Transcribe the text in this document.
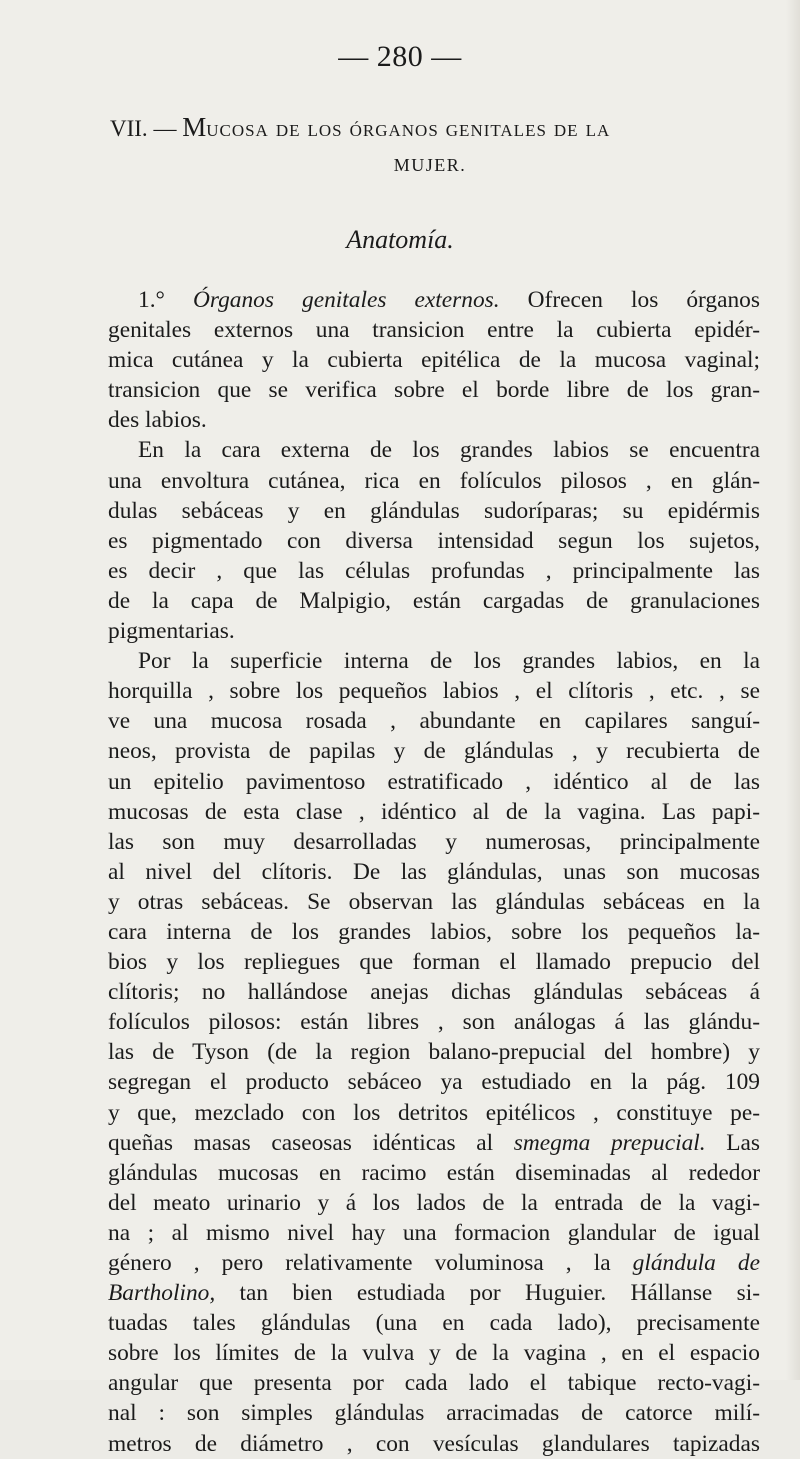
— 280 —
VII. — Mucosa de los órganos genitales de la
MUJER.
Anatomía.
1.° Órganos genitales externos. Ofrecen los órganos
genitales externos una transicion entre la cubierta epidér-
mica cutánea y la cubierta epitélica de la mucosa vaginal;
transicion que se verifica sobre el borde libre de los gran-
des labios.
En la cara externa de los grandes labios se encuentra
una envoltura cutánea, rica en folículos pilosos , en glán-
dulas sebáceas y en glándulas sudoríparas; su epidérmis
es pigmentado con diversa intensidad segun los sujetos,
es decir , que las células profundas , principalmente las
de la capa de Malpigio, están cargadas de granulaciones
pigmentarias.
Por la superficie interna de los grandes labios, en la
horquilla , sobre los pequeños labios , el clítoris , etc. , se
ve una mucosa rosada , abundante en capilares sanguí-
neos, provista de papilas y de glándulas , y recubierta de
un epitelio pavimentoso estratificado , idéntico al de las
mucosas de esta clase , idéntico al de la vagina. Las papi-
las son muy desarrolladas y numerosas, principalmente
al nivel del clítoris. De las glándulas, unas son mucosas
y otras sebáceas. Se observan las glándulas sebáceas en la
cara interna de los grandes labios, sobre los pequeños la-
bios y los repliegues que forman el llamado prepucio del
clítoris; no hallándose anejas dichas glándulas sebáceas á
folículos pilosos: están libres , son análogas á las glándu-
las de Tyson (de la region balano-prepucial del hombre) y
segregan el producto sebáceo ya estudiado en la pág. 109
y que, mezclado con los detritos epitélicos , constituye pe-
queñas masas caseosas idénticas al smegma prepucial. Las
glándulas mucosas en racimo están diseminadas al rededor
del meato urinario y á los lados de la entrada de la vagi-
na ; al mismo nivel hay una formacion glandular de igual
género , pero relativamente voluminosa , la glándula de
Bartholino, tan bien estudiada por Huguier. Hállanse si-
tuadas tales glándulas (una en cada lado), precisamente
sobre los límites de la vulva y de la vagina , en el espacio
angular que presenta por cada lado el tabique recto-vagi-
nal : son simples glándulas arracimadas de catorce milí-
metros de diámetro , con vesículas glandulares tapizadas
